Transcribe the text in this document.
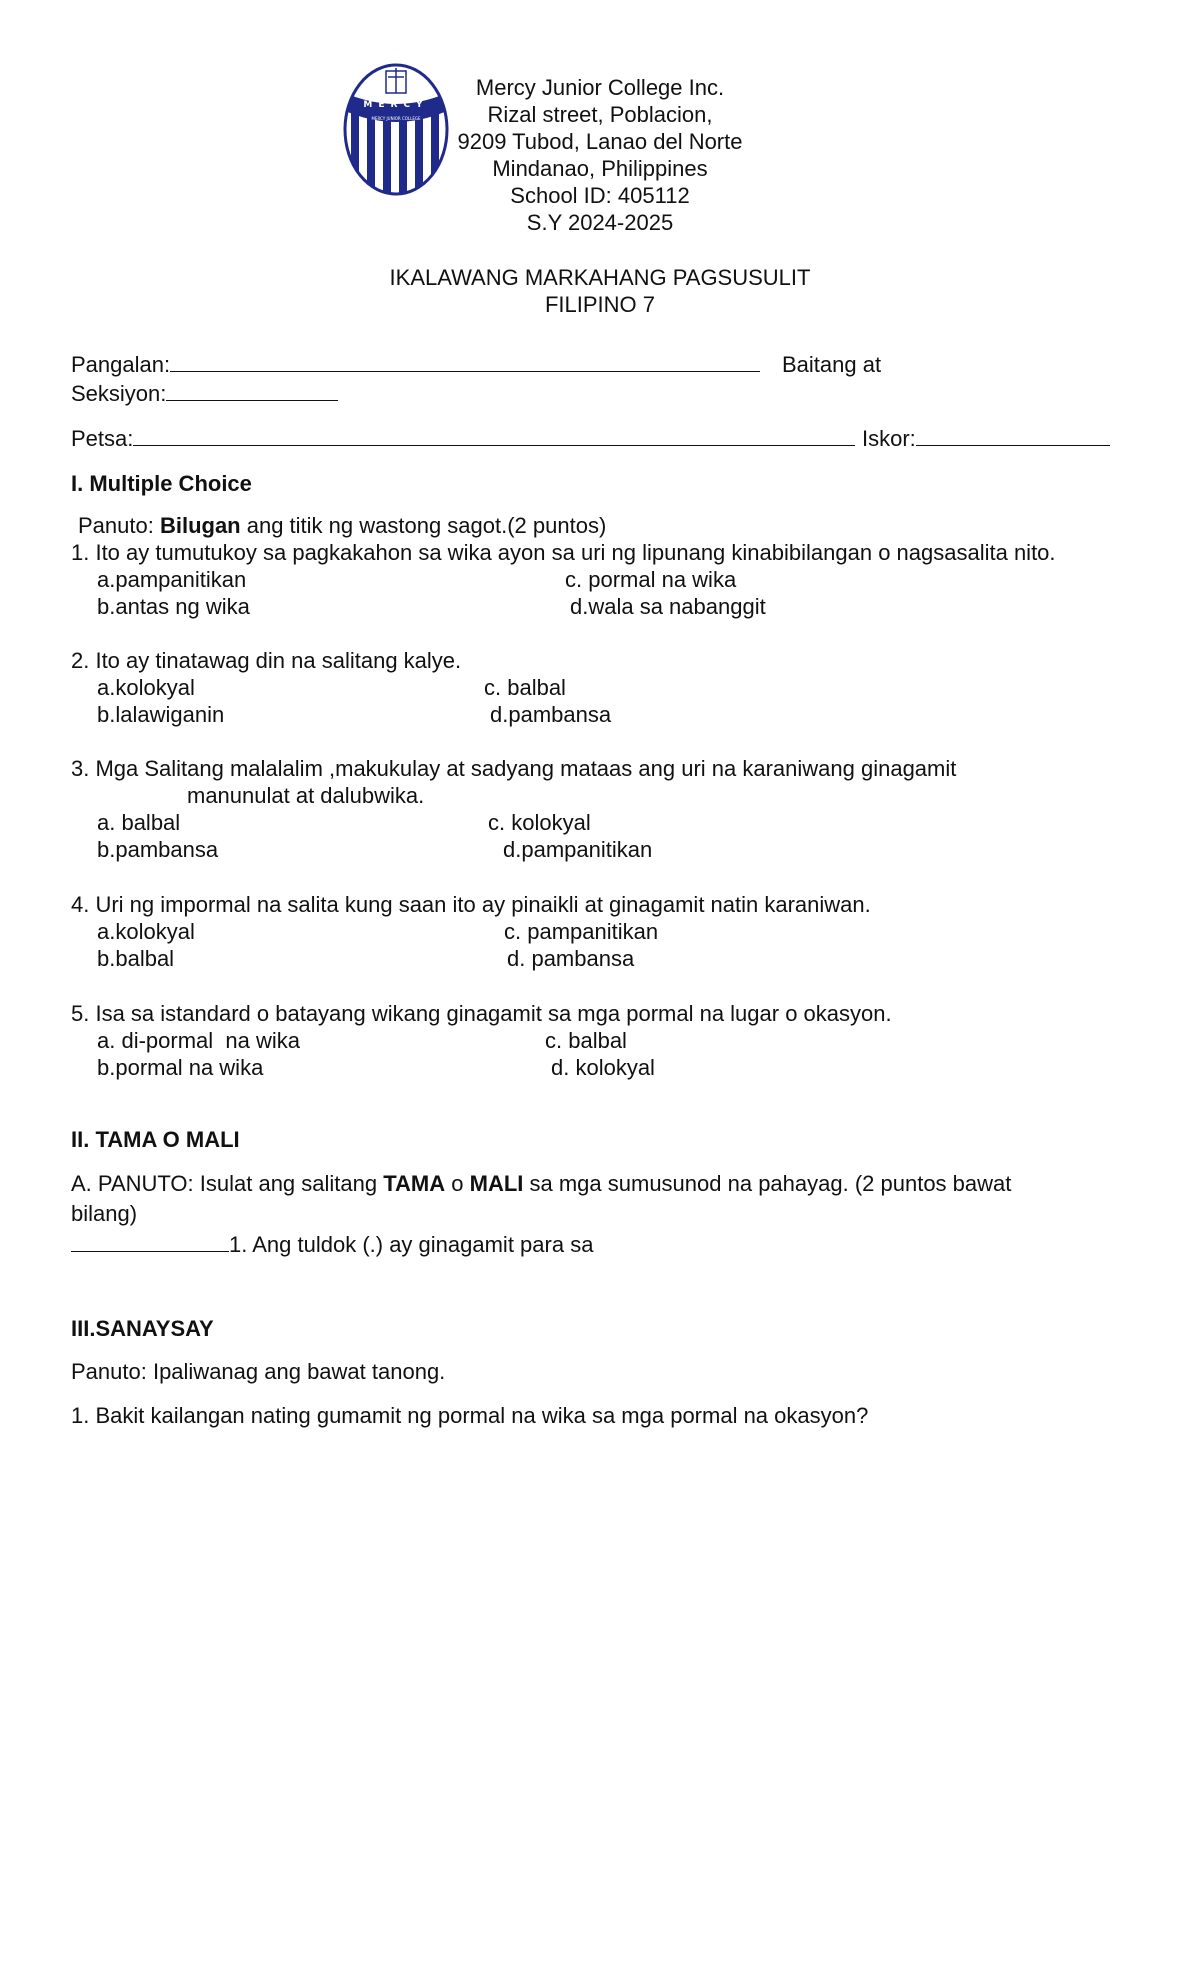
MERCY
MERCY JUNIOR COLLEGE
Mercy Junior College Inc.
Rizal street, Poblacion,
9209 Tubod, Lanao del Norte
Mindanao, Philippines
School ID: 405112
S.Y 2024-2025
IKALAWANG MARKAHANG PAGSUSULIT
FILIPINO 7
Pangalan:	Baitang at
Seksiyon:
Petsa:	Iskor:
I. Multiple Choice
Panuto: Bilugan ang titik ng wastong sagot.(2 puntos)
1. Ito ay tumutukoy sa pagkakahon sa wika ayon sa uri ng lipunang kinabibilangan o nagsasalita nito.
a.pampanitikan	c. pormal na wika
b.antas ng wika	d.wala sa nabanggit
2. Ito ay tinatawag din na salitang kalye.
a.kolokyal	c. balbal
b.lalawiganin	d.pambansa
3. Mga Salitang malalalim ,makukulay at sadyang mataas ang uri na karaniwang ginagamit
manunulat at dalubwika.
a. balbal	c. kolokyal
b.pambansa	d.pampanitikan
4. Uri ng impormal na salita kung saan ito ay pinaikli at ginagamit natin karaniwan.
a.kolokyal	c. pampanitikan
b.balbal	d. pambansa
5. Isa sa istandard o batayang wikang ginagamit sa mga pormal na lugar o okasyon.
a. di-pormal  na wika	c. balbal
b.pormal na wika	d. kolokyal
II. TAMA O MALI
A. PANUTO: Isulat ang salitang TAMA o MALI sa mga sumusunod na pahayag. (2 puntos bawat
bilang)
1. Ang tuldok (.) ay ginagamit para sa
III.SANAYSAY
Panuto: Ipaliwanag ang bawat tanong.
1. Bakit kailangan nating gumamit ng pormal na wika sa mga pormal na okasyon?
